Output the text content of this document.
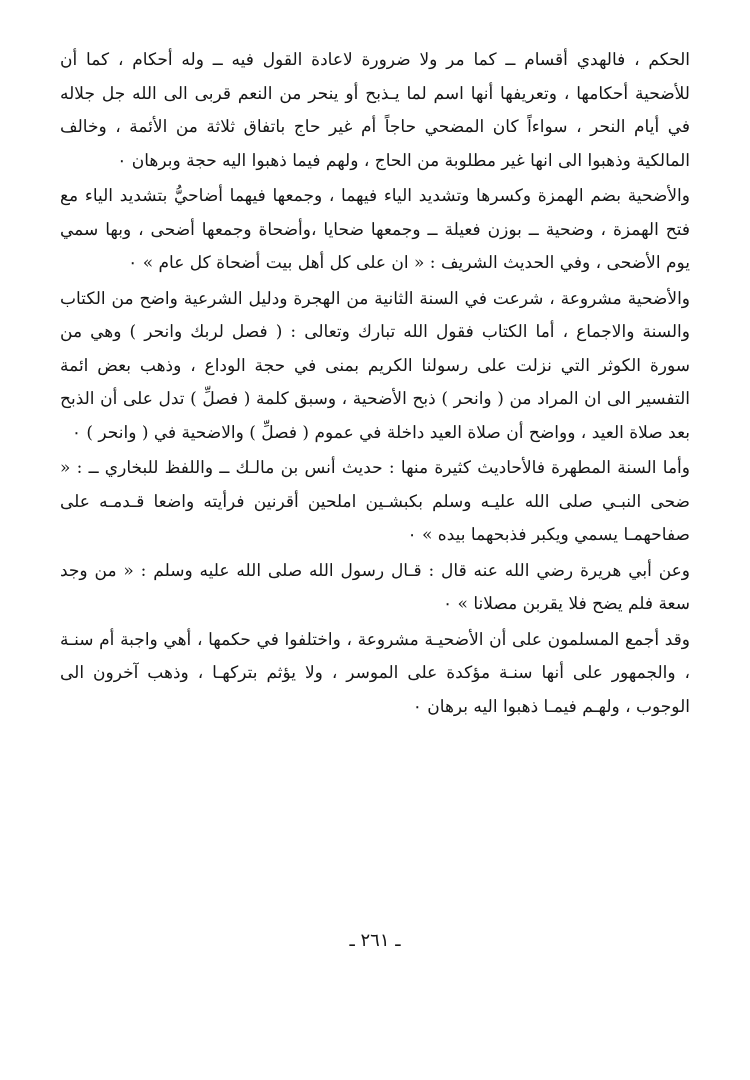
الحكم ، فالهدي أقسام ــ كما مر ولا ضرورة لاعادة القول فيه ــ وله أحكام ، كما أن للأضحية أحكامها ، وتعريفها أنها اسم لما يـذبح أو ينحر من النعم قربى الى الله جل جلاله في أيام النحر ، سواءاً كان المضحي حاجاً أم غير حاج باتفاق ثلاثة من الأئمة ، وخالف المالكية وذهبوا الى انها غير مطلوبة من الحاج ، ولهم فيما ذهبوا اليه حجة وبرهان ٠

والأضحية بضم الهمزة وكسرها وتشديد الياء فيهما ، وجمعها فيهما أضاحيُّ بتشديد الياء مع فتح الهمزة ، وضحية ــ بوزن فعيلة ــ وجمعها ضحايا ،وأضحاة وجمعها أضحى ، وبها سمي يوم الأضحى ، وفي الحديث الشريف : « ان على كل أهل بيت أضحاة كل عام » ٠

والأضحية مشروعة ، شرعت في السنة الثانية من الهجرة ودليل الشرعية واضح من الكتاب والسنة والاجماع ، أما الكتاب فقول الله تبارك وتعالى : ( فصل لربك وانحر ) وهي من سورة الكوثر التي نزلت على رسولنا الكريم بمنى في حجة الوداع ، وذهب بعض ائمة التفسير الى ان المراد من ( وانحر ) ذبح الأضحية ، وسبق كلمة ( فصلِّ ) تدل على أن الذبح بعد صلاة العيد ، وواضح أن صلاة العيد داخلة في عموم ( فصلِّ ) والاضحية في ( وانحر ) ٠

وأما السنة المطهرة فالأحاديث كثيرة منها : حديث أنس بن مالـك ــ واللفظ للبخاري ــ : « ضحى النبـي صلى الله عليـه وسلم بكبشـين املحين أقرنين فرأيته واضعا قـدمـه على صفاحهمـا يسمي ويكبر فذبحهما بيده » ٠

وعن أبي هريرة رضي الله عنه قال : قـال رسول الله صلى الله عليه وسلم : « من وجد سعة فلم يضح فلا يقربن مصلانا » ٠

وقد أجمع المسلمون على أن الأضحيـة مشروعة ، واختلفوا في حكمها ، أهي واجبة أم سنـة ، والجمهور على أنها سنـة مؤكدة على الموسر ، ولا يؤثم بتركهـا ، وذهب آخرون الى الوجوب ، ولهـم فيمـا ذهبوا اليه برهان ٠

ـ ٢٦١ ـ
